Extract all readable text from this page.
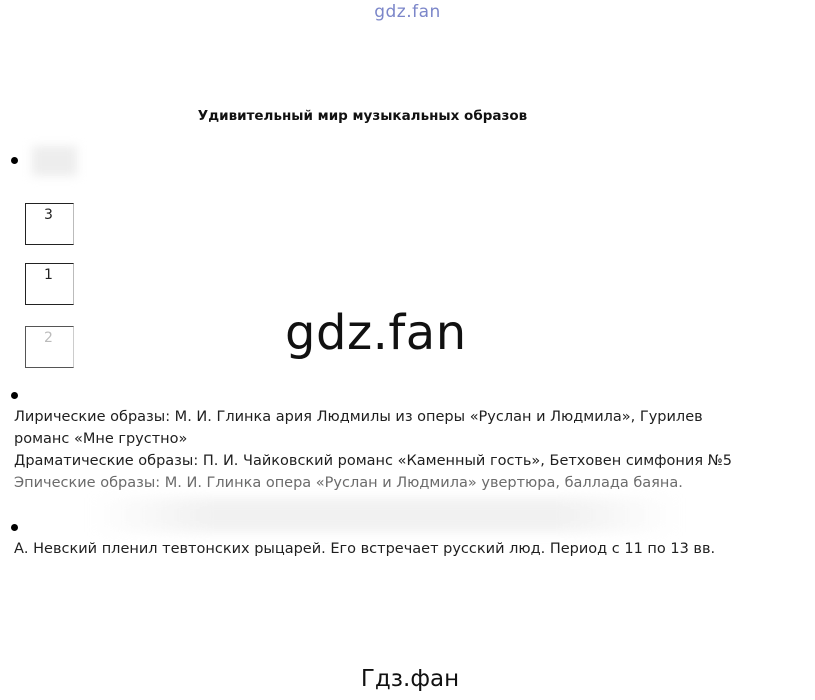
gdz.fan
Удивительный мир музыкальных образов
3
1
2	gdz.fan
Лирические образы: М. И. Глинка ария Людмилы из оперы «Руслан и Людмила», Гурилев
романс «Мне грустно»
Драматические образы: П. И. Чайковский романс «Каменный гость», Бетховен симфония №5
Эпические образы: М. И. Глинка опера «Руслан и Людмила» увертюра, баллада баяна.
А. Невский пленил тевтонских рыцарей. Его встречает русский люд. Период с 11 по 13 вв.
Гдз.фан
